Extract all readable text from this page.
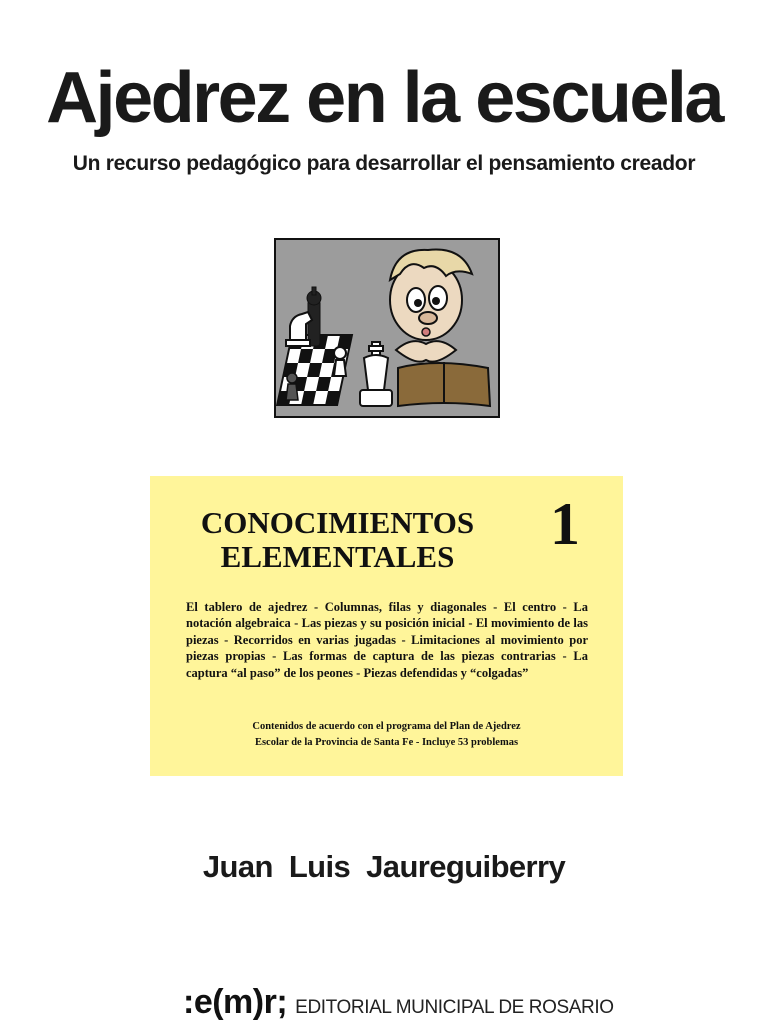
Ajedrez en la escuela
Un recurso pedagógico para desarrollar el pensamiento creador
CONOCIMIENTOS ELEMENTALES	1
El tablero de ajedrez - Columnas, filas y diagonales - El centro - La notación algebraica - Las piezas y su posición inicial - El movimiento de las piezas - Recorridos en varias jugadas - Limitaciones al movimiento por piezas propias - Las formas de captura de las piezas contrarias - La captura “al paso” de los peones - Piezas defendidas y “colgadas”
Contenidos de acuerdo con el programa del Plan de Ajedrez
Escolar de la Provincia de Santa Fe - Incluye 53 problemas
Juan Luis Jaureguiberry
:e(m)r; EDITORIAL MUNICIPAL DE ROSARIO
